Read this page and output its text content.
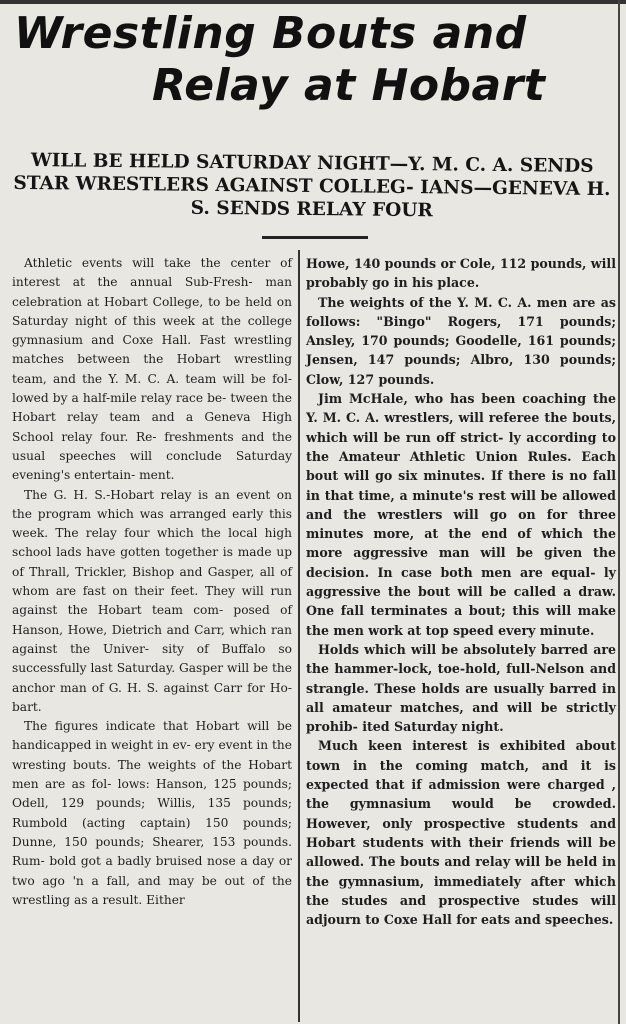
Wrestling Bouts and
Relay at Hobart
WILL BE HELD SATURDAY NIGHT—Y. M. C. A. SENDS STAR WRESTLERS AGAINST COLLEG- IANS—GENEVA H. S. SENDS RELAY FOUR

Athletic events will take the center of interest at the annual Sub-Fresh- man celebration at Hobart College, to be held on Saturday night of this week at the college gymnasium and Coxe Hall. Fast wrestling matches between the Hobart wrestling team, and the Y. M. C. A. team will be fol- lowed by a half-mile relay race be- tween the Hobart relay team and a Geneva High School relay four. Re- freshments and the usual speeches will conclude Saturday evening's entertain- ment.

The G. H. S.-Hobart relay is an event on the program which was arranged early this week. The relay four which the local high school lads have gotten together is made up of Thrall, Trickler, Bishop and Gasper, all of whom are fast on their feet. They will run against the Hobart team com- posed of Hanson, Howe, Dietrich and Carr, which ran against the Univer- sity of Buffalo so successfully last Saturday. Gasper will be the anchor man of G. H. S. against Carr for Ho- bart.

The figures indicate that Hobart will be handicapped in weight in ev- ery event in the wresting bouts. The weights of the Hobart men are as fol- lows: Hanson, 125 pounds; Odell, 129 pounds; Willis, 135 pounds; Rumbold (acting captain) 150 pounds; Dunne, 150 pounds; Shearer, 153 pounds. Rum- bold got a badly bruised nose a day or two ago 'n a fall, and may be out of the wrestling as a result. Either

Howe, 140 pounds or Cole, 112 pounds, will probably go in his place.

The weights of the Y. M. C. A. men are as follows: "Bingo" Rogers, 171 pounds; Ansley, 170 pounds; Goodelle, 161 pounds; Jensen, 147 pounds; Albro, 130 pounds; Clow, 127 pounds.

Jim McHale, who has been coaching the Y. M. C. A. wrestlers, will referee the bouts, which will be run off strict- ly according to the Amateur Athletic Union Rules. Each bout will go six minutes. If there is no fall in that time, a minute's rest will be allowed and the wrestlers will go on for three minutes more, at the end of which the more aggressive man will be given the decision. In case both men are equal- ly aggressive the bout will be called a draw. One fall terminates a bout; this will make the men work at top speed every minute.

Holds which will be absolutely barred are the hammer-lock, toe-hold, full-Nelson and strangle. These holds are usually barred in all amateur matches, and will be strictly prohib- ited Saturday night.

Much keen interest is exhibited about town in the coming match, and it is expected that if admission were charged , the gymnasium would be crowded. However, only prospective students and Hobart students with their friends will be allowed. The bouts and relay will be held in the gymnasium, immediately after which the studes and prospective studes will adjourn to Coxe Hall for eats and speeches.
